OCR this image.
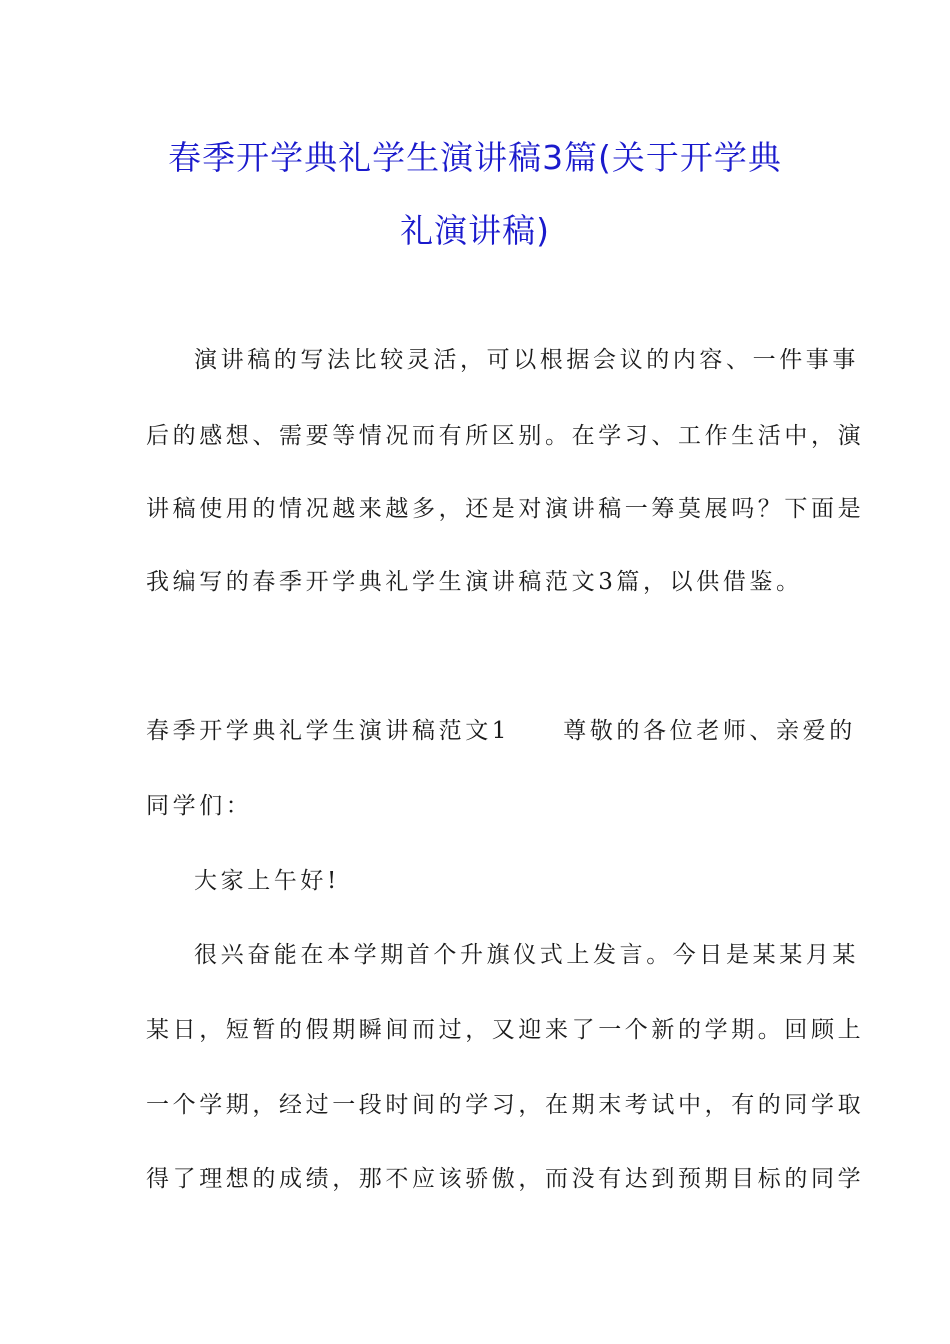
春季开学典礼学生演讲稿3篇(关于开学典
礼演讲稿)
演讲稿的写法比较灵活，可以根据会议的内容、一件事事
后的感想、需要等情况而有所区别。在学习、工作生活中，演
讲稿使用的情况越来越多，还是对演讲稿一筹莫展吗？下面是
我编写的春季开学典礼学生演讲稿范文3篇，以供借鉴。
春季开学典礼学生演讲稿范文1　　尊敬的各位老师、亲爱的
同学们：
大家上午好!
很兴奋能在本学期首个升旗仪式上发言。今日是某某月某
某日，短暂的假期瞬间而过，又迎来了一个新的学期。回顾上
一个学期，经过一段时间的学习，在期末考试中，有的同学取
得了理想的成绩，那不应该骄傲，而没有达到预期目标的同学
